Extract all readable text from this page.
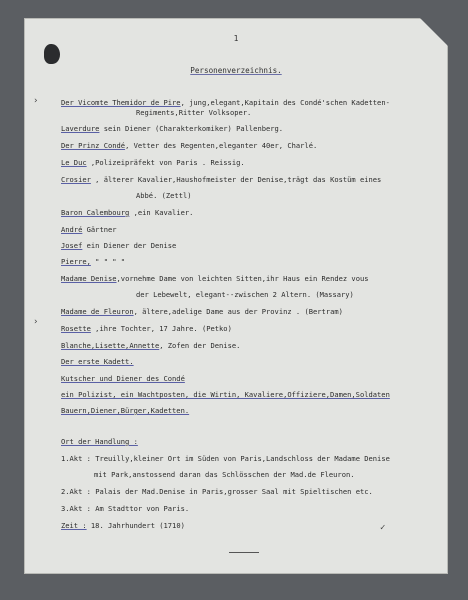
1
Personenverzeichnis.
Der Vicomte Themidor de Pire, jung,elegant,Kapitain des Condé'schen Kadetten-
Regiments,Ritter Volksoper.
Laverdure sein Diener (Charakterkomiker) Pallenberg.
Der Prinz Condé, Vetter des Regenten,eleganter 40er, Charlé.
Le Duc ,Polizeipräfekt von Paris . Reissig.
Crosier , älterer Kavalier,Haushofmeister der Denise,trägt das Kostüm eines
Abbé. (Zettl)
Baron Calembourg ,ein Kavalier.
André Gärtner
Josef ein Diener der Denise
Pierre, " " " "
Madame Denise,vornehme Dame von leichten Sitten,ihr Haus ein Rendez vous
der Lebewelt, elegant--zwischen 2 Altern. (Massary)
Madame de Fleuron, ältere,adelige Dame aus der Provinz . (Bertram)
Rosette ,ihre Tochter, 17 Jahre. (Petko)
Blanche,Lisette,Annette, Zofen der Denise.
Der erste Kadett.
Kutscher und Diener des Condé
ein Polizist, ein Wachtposten, die Wirtin, Kavaliere,Offiziere,Damen,Soldaten
Bauern,Diener,Bürger,Kadetten.
Ort der Handlung :
1.Akt : Treuilly,kleiner Ort im Süden von Paris,Landschloss der Madame Denise
mit Park,anstossend daran das Schlösschen der Mad.de Fleuron.
2.Akt : Palais der Mad.Denise in Paris,grosser Saal mit Spieltischen etc.
3.Akt : Am Stadttor von Paris.
Zeit : 18. Jahrhundert (1710)
›
›
✓
